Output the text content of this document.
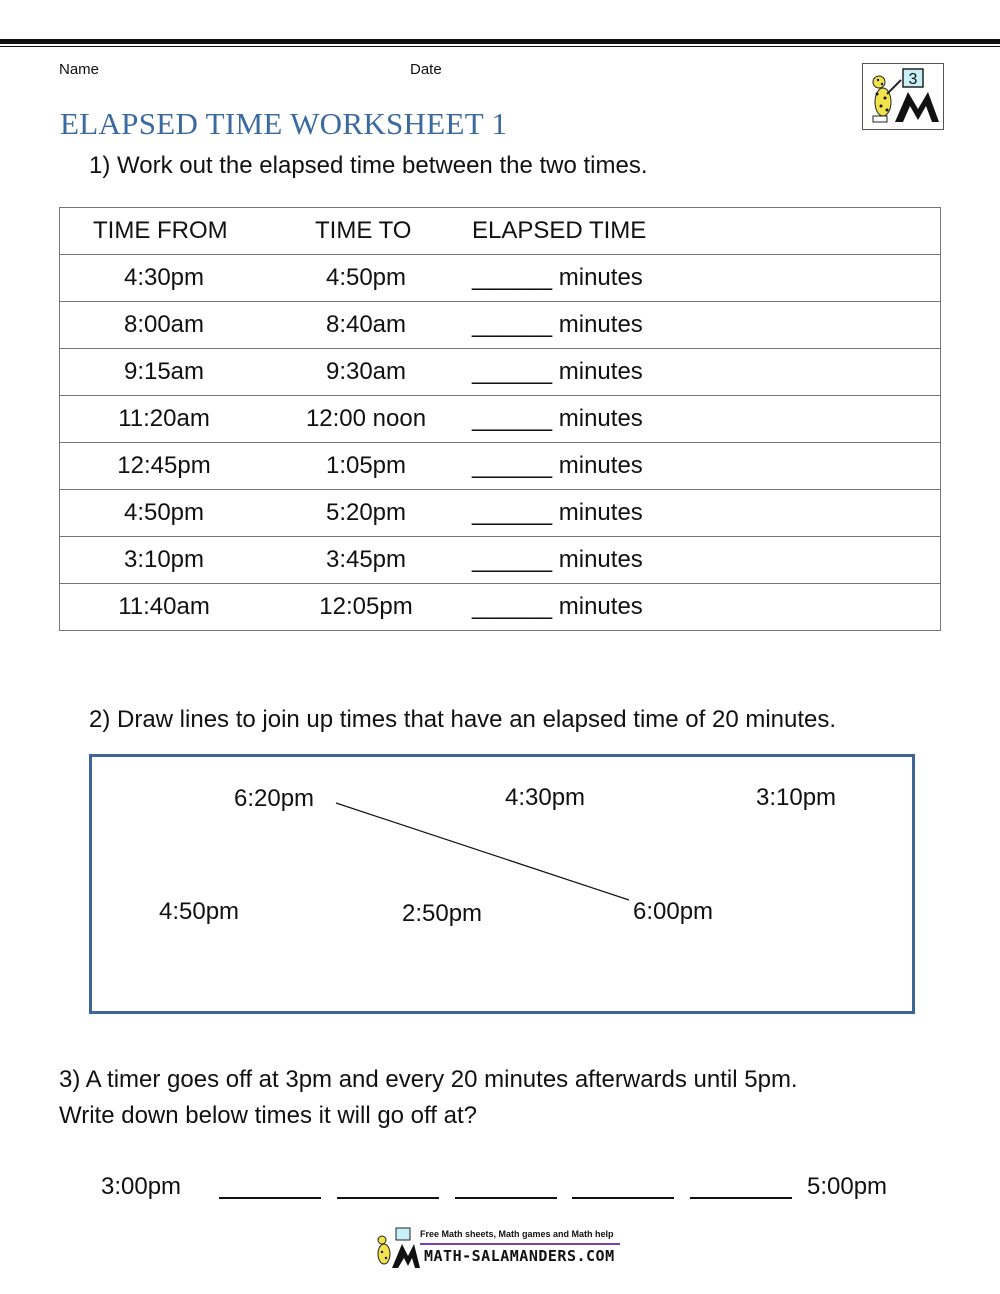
Name	Date
3
ELAPSED TIME WORKSHEET 1
1) Work out the elapsed time between the two times.
TIME FROM	TIME TO	ELAPSED TIME
4:30pm	4:50pm	______ minutes
8:00am	8:40am	______ minutes
9:15am	9:30am	______ minutes
11:20am	12:00 noon	______ minutes
12:45pm	1:05pm	______ minutes
4:50pm	5:20pm	______ minutes
3:10pm	3:45pm	______ minutes
11:40am	12:05pm	______ minutes
2) Draw lines to join up times that have an elapsed time of 20 minutes.
6:20pm	4:30pm	3:10pm
4:50pm	2:50pm	6:00pm
3) A timer goes off at 3pm and every 20 minutes afterwards until 5pm.
Write down below times it will go off at?
3:00pm	5:00pm
Free Math sheets, Math games and Math help
MATH-SALAMANDERS.COM
